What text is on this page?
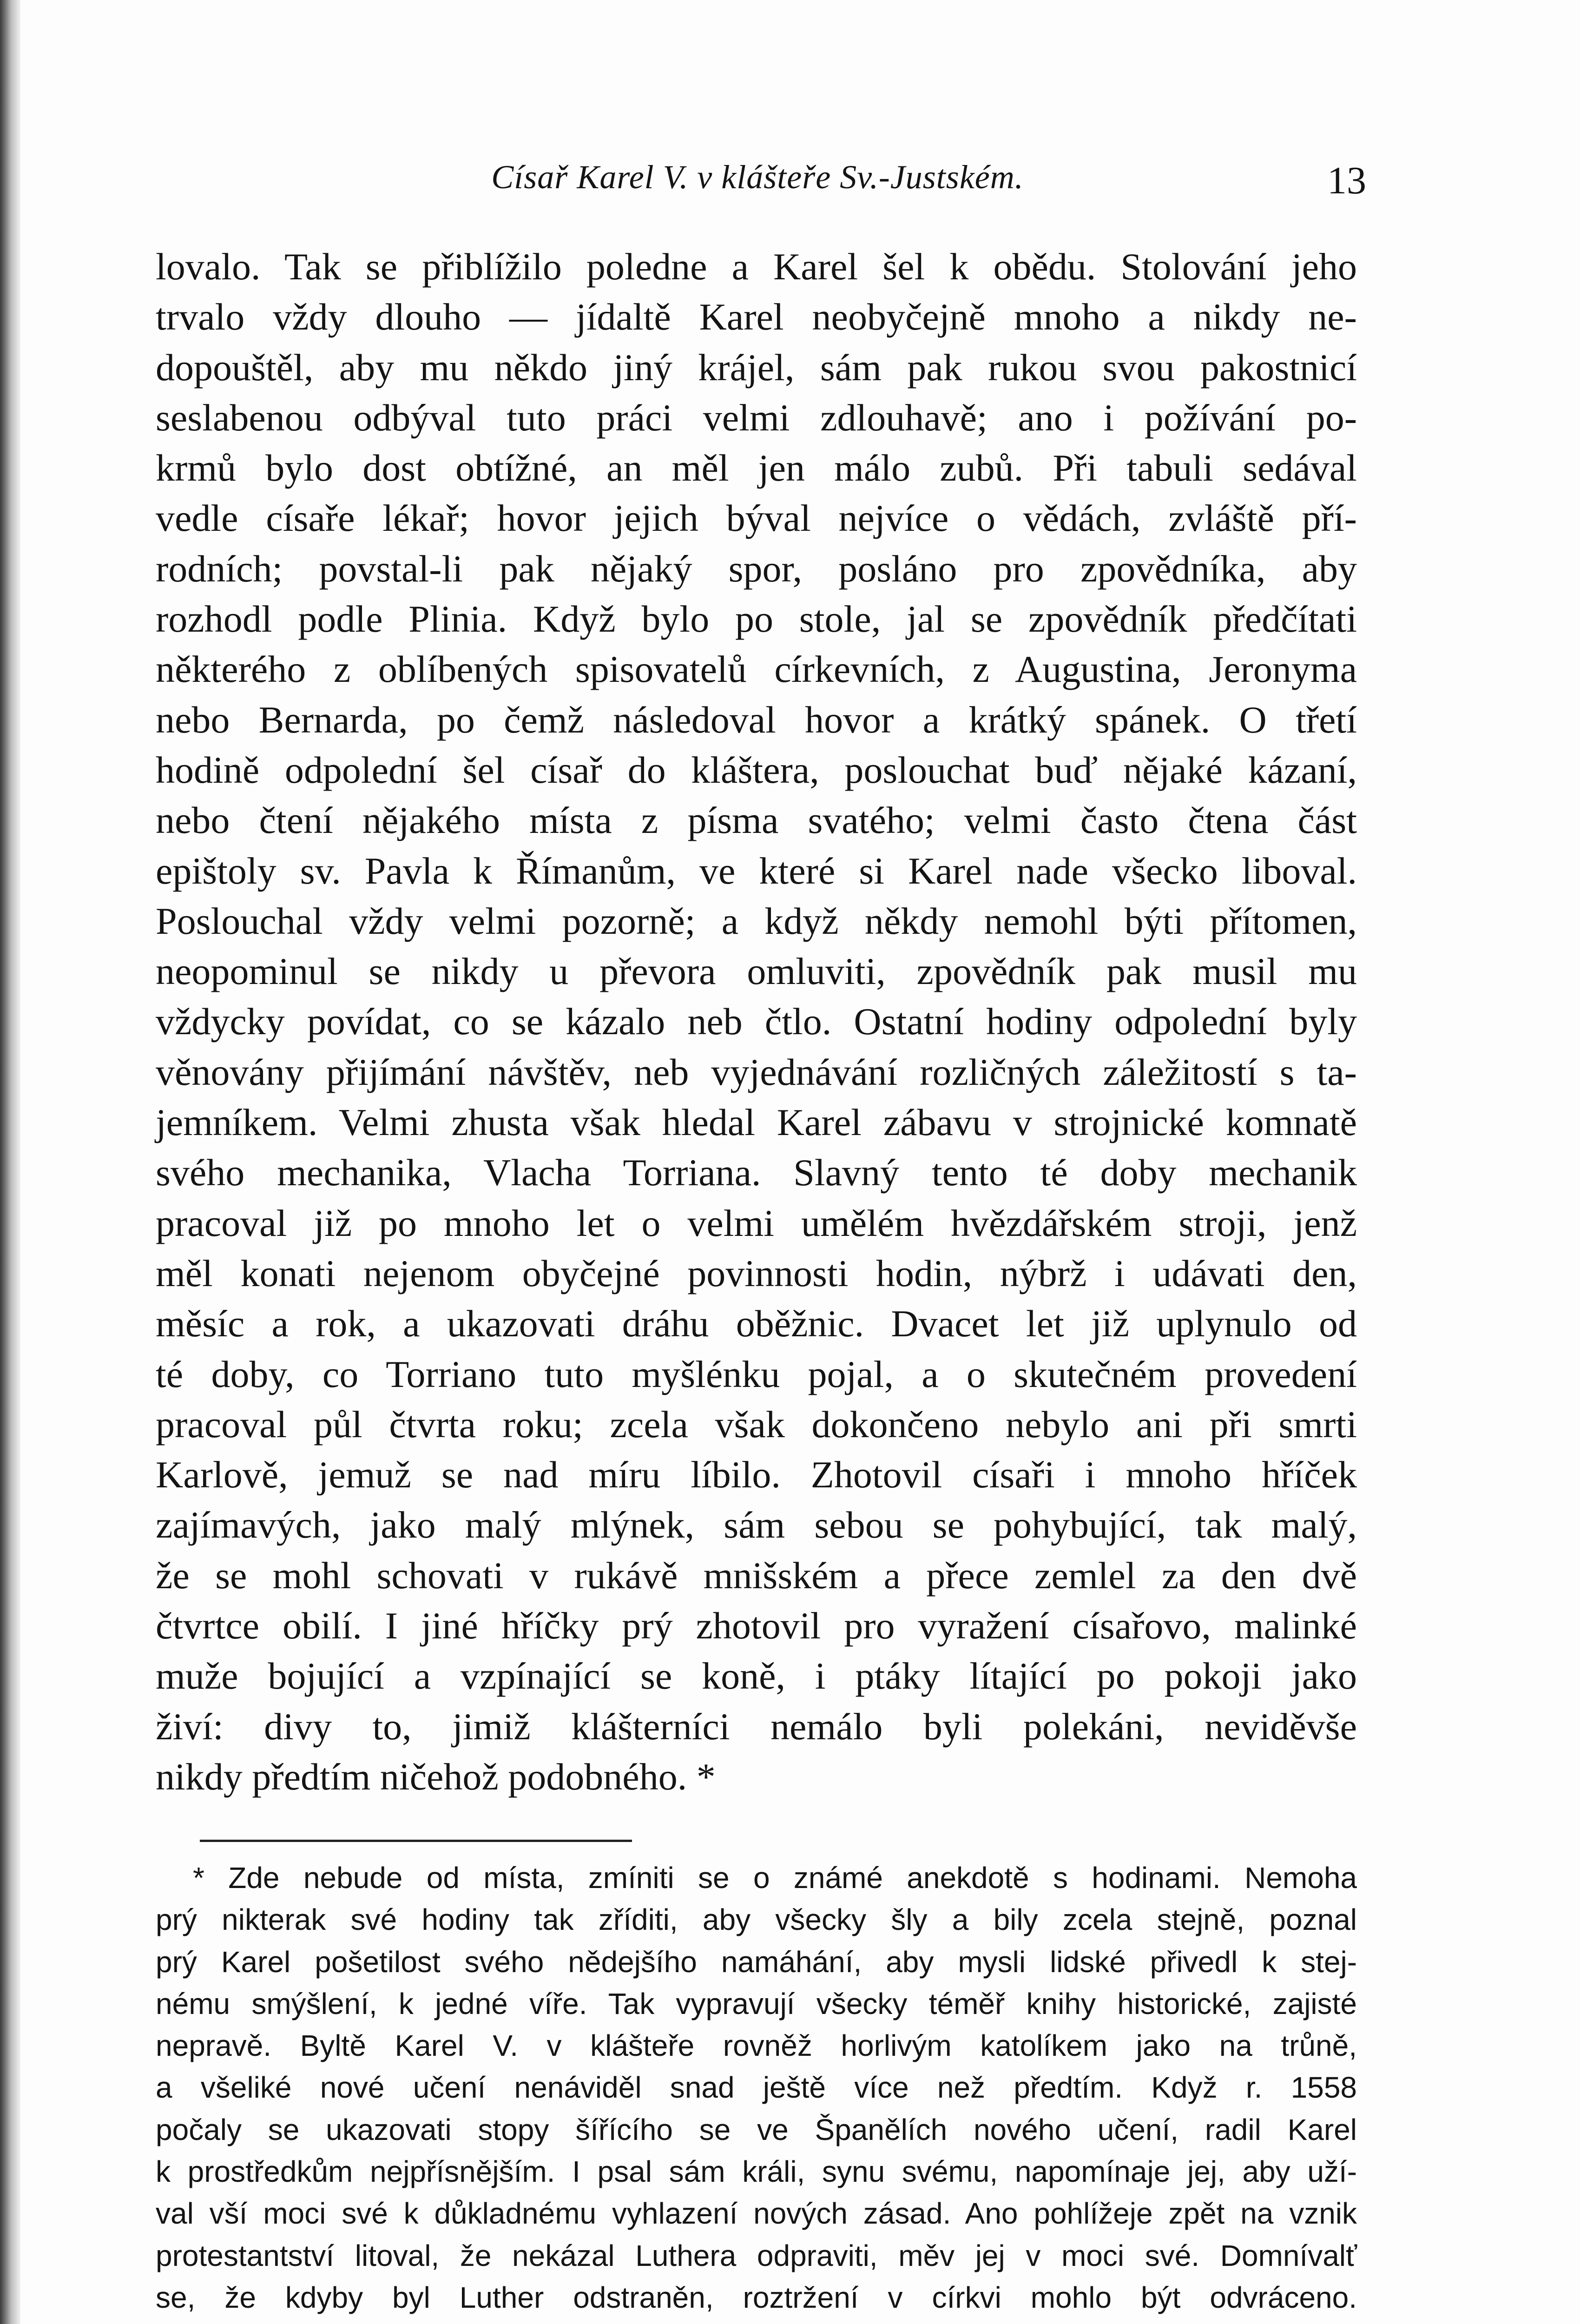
Císař Karel V. v klášteře Sv.-Justském.	13
lovalo. Tak se přiblížilo poledne a Karel šel k obědu. Stolování jeho
trvalo vždy dlouho — jídaltě Karel neobyčejně mnoho a nikdy ne-
dopouštěl, aby mu někdo jiný krájel, sám pak rukou svou pakostnicí
seslabenou odbýval tuto práci velmi zdlouhavě; ano i požívání po-
krmů bylo dost obtížné, an měl jen málo zubů. Při tabuli sedával
vedle císaře lékař; hovor jejich býval nejvíce o vědách, zvláště pří-
rodních; povstal-li pak nějaký spor, posláno pro zpovědníka, aby
rozhodl podle Plinia. Když bylo po stole, jal se zpovědník předčítati
některého z oblíbených spisovatelů církevních, z Augustina, Jeronyma
nebo Bernarda, po čemž následoval hovor a krátký spánek. O třetí
hodině odpolední šel císař do kláštera, poslouchat buď nějaké kázaní,
nebo čtení nějakého místa z písma svatého; velmi často čtena část
epištoly sv. Pavla k Římanům, ve které si Karel nade všecko liboval.
Poslouchal vždy velmi pozorně; a když někdy nemohl býti přítomen,
neopominul se nikdy u převora omluviti, zpovědník pak musil mu
vždycky povídat, co se kázalo neb čtlo. Ostatní hodiny odpolední byly
věnovány přijímání návštěv, neb vyjednávání rozličných záležitostí s ta-
jemníkem. Velmi zhusta však hledal Karel zábavu v strojnické komnatě
svého mechanika, Vlacha Torriana. Slavný tento té doby mechanik
pracoval již po mnoho let o velmi umělém hvězdářském stroji, jenž
měl konati nejenom obyčejné povinnosti hodin, nýbrž i udávati den,
měsíc a rok, a ukazovati dráhu oběžnic. Dvacet let již uplynulo od
té doby, co Torriano tuto myšlénku pojal, a o skutečném provedení
pracoval půl čtvrta roku; zcela však dokončeno nebylo ani při smrti
Karlově, jemuž se nad míru líbilo. Zhotovil císaři i mnoho hříček
zajímavých, jako malý mlýnek, sám sebou se pohybující, tak malý,
že se mohl schovati v rukávě mnišském a přece zemlel za den dvě
čtvrtce obilí. I jiné hříčky prý zhotovil pro vyražení císařovo, malinké
muže bojující a vzpínající se koně, i ptáky lítající po pokoji jako
živí: divy to, jimiž klášterníci nemálo byli polekáni, neviděvše
nikdy předtím ničehož podobného. *
* Zde nebude od místa, zmíniti se o známé anekdotě s hodinami. Nemoha
prý nikterak své hodiny tak zříditi, aby všecky šly a bily zcela stejně, poznal
prý Karel pošetilost svého nědejšího namáhání, aby mysli lidské přivedl k stej-
nému smýšlení, k jedné víře. Tak vypravují všecky téměř knihy historické, zajisté
nepravě. Byltě Karel V. v klášteře rovněž horlivým katolíkem jako na trůně,
a všeliké nové učení nenáviděl snad ještě více než předtím. Když r. 1558
počaly se ukazovati stopy šířícího se ve Španělích nového učení, radil Karel
k prostředkům nejpřísnějším. I psal sám králi, synu svému, napomínaje jej, aby uží-
val vší moci své k důkladnému vyhlazení nových zásad. Ano pohlížeje zpět na vznik
protestantství litoval, že nekázal Luthera odpraviti, měv jej v moci své. Domnívalť
se, že kdyby byl Luther odstraněn, roztržení v církvi mohlo být odvráceno.
